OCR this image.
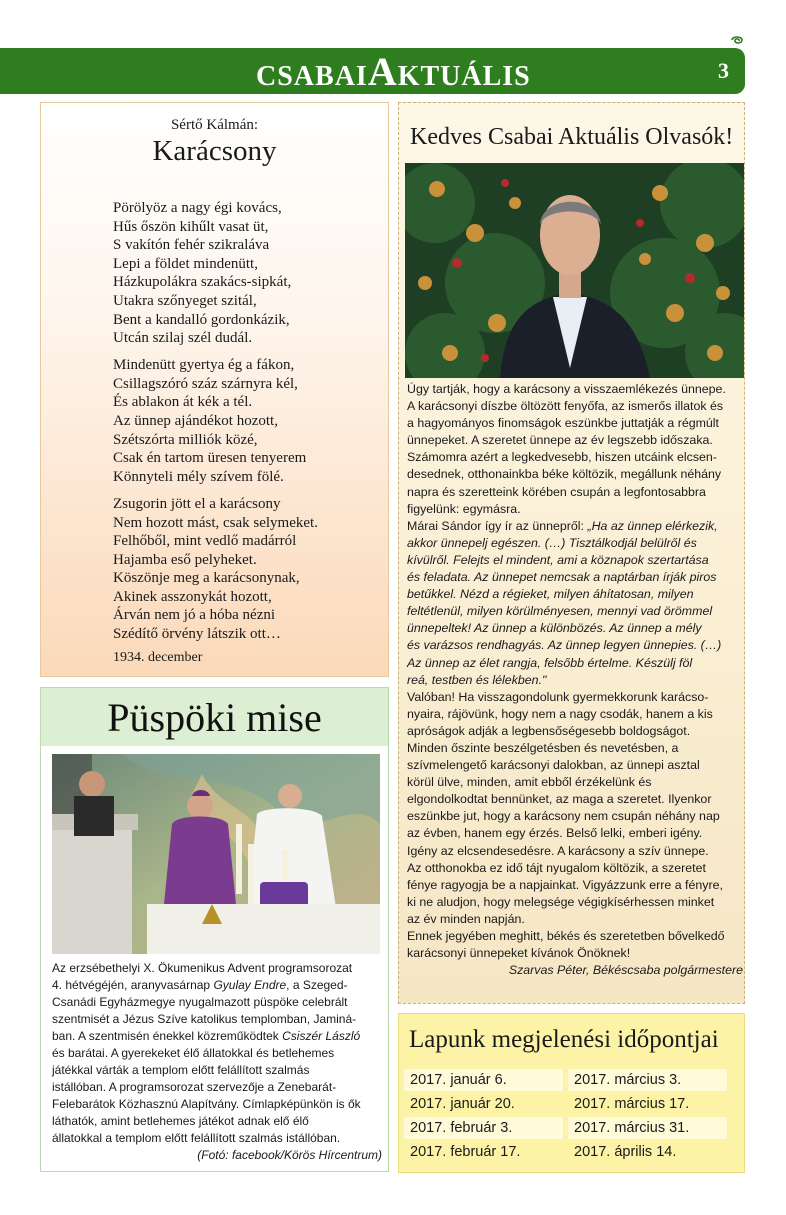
CSABAIAKTUÁLIS	3
Sértő Kálmán:
Karácsony
Pörölyöz a nagy égi kovács,
Hűs őszön kihűlt vasat üt,
S vakítón fehér szikraláva
Lepi a földet mindenütt,
Házkupolákra szakács-sipkát,
Utakra szőnyeget szitál,
Bent a kandalló gordonkázik,
Utcán szilaj szél dudál.
Mindenütt gyertya ég a fákon,
Csillagszóró száz szárnyra kél,
És ablakon át kék a tél.
Az ünnep ajándékot hozott,
Szétszórta milliók közé,
Csak én tartom üresen tenyerem
Könnyteli mély szívem fölé.
Zsugorin jött el a karácsony
Nem hozott mást, csak selymeket.
Felhőből, mint vedlő madárról
Hajamba eső pelyheket.
Köszönje meg a karácsonynak,
Akinek asszonykát hozott,
Árván nem jó a hóba nézni
Szédítő örvény látszik ott…
1934. december
Püspöki mise
Az erzsébethelyi X. Ökumenikus Advent programsorozat
4. hétvégéjén, aranyvasárnap Gyulay Endre, a Szeged-
Csanádi Egyházmegye nyugalmazott püspöke celebrált
szentmisét a Jézus Szíve katolikus templomban, Jaminá-
ban. A szentmisén énekkel közreműködtek Csiszér László
és barátai. A gyerekeket élő állatokkal és betlehemes
játékkal várták a templom előtt felállított szalmás
istállóban. A programsorozat szervezője a Zenebarát-
Felebarátok Közhasznú Alapítvány. Címlapképünkön is ők
láthatók, amint betlehemes játékot adnak elő élő
állatokkal a templom előtt felállított szalmás istállóban.
(Fotó: facebook/Körös Hírcentrum)
Kedves Csabai Aktuális Olvasók!
Úgy tartják, hogy a karácsony a visszaemlékezés ünnepe.
A karácsonyi díszbe öltözött fenyőfa, az ismerős illatok és
a hagyományos finomságok eszünkbe juttatják a régmúlt
ünnepeket. A szeretet ünnepe az év legszebb időszaka.
Számomra azért a legkedvesebb, hiszen utcáink elcsen-
desednek, otthonainkba béke költözik, megállunk néhány
napra és szeretteink körében csupán a legfontosabbra
figyelünk: egymásra.
Márai Sándor így ír az ünnepről: „Ha az ünnep elérkezik,
akkor ünnepelj egészen. (…) Tisztálkodjál belülről és
kívülről. Felejts el mindent, ami a köznapok szertartása
és feladata. Az ünnepet nemcsak a naptárban írják piros
betűkkel. Nézd a régieket, milyen áhítatosan, milyen
feltétlenül, milyen körülményesen, mennyi vad örömmel
ünnepeltek! Az ünnep a különbözés. Az ünnep a mély
és varázsos rendhagyás. Az ünnep legyen ünnepies. (…)
Az ünnep az élet rangja, felsőbb értelme. Készülj föl
reá, testben és lélekben."
Valóban! Ha visszagondolunk gyermekkorunk karácso-
nyaira, rájövünk, hogy nem a nagy csodák, hanem a kis
apróságok adják a legbensőségesebb boldogságot.
Minden őszinte beszélgetésben és nevetésben, a
szívmelengető karácsonyi dalokban, az ünnepi asztal
körül ülve, minden, amit ebből érzékelünk és
elgondolkodtat bennünket, az maga a szeretet. Ilyenkor
eszünkbe jut, hogy a karácsony nem csupán néhány nap
az évben, hanem egy érzés. Belső lelki, emberi igény.
Igény az elcsendesedésre. A karácsony a szív ünnepe.
Az otthonokba ez idő tájt nyugalom költözik, a szeretet
fénye ragyogja be a napjainkat. Vigyázzunk erre a fényre,
ki ne aludjon, hogy melegsége végigkísérhessen minket
az év minden napján.
Ennek jegyében meghitt, békés és szeretetben bővelkedő
karácsonyi ünnepeket kívánok Önöknek!
Szarvas Péter, Békéscsaba polgármestere
Lapunk megjelenési időpontjai
2017. január 6.
2017. január 20.
2017. február 3.
2017. február 17.
2017. március 3.
2017. március 17.
2017. március 31.
2017. április 14.
